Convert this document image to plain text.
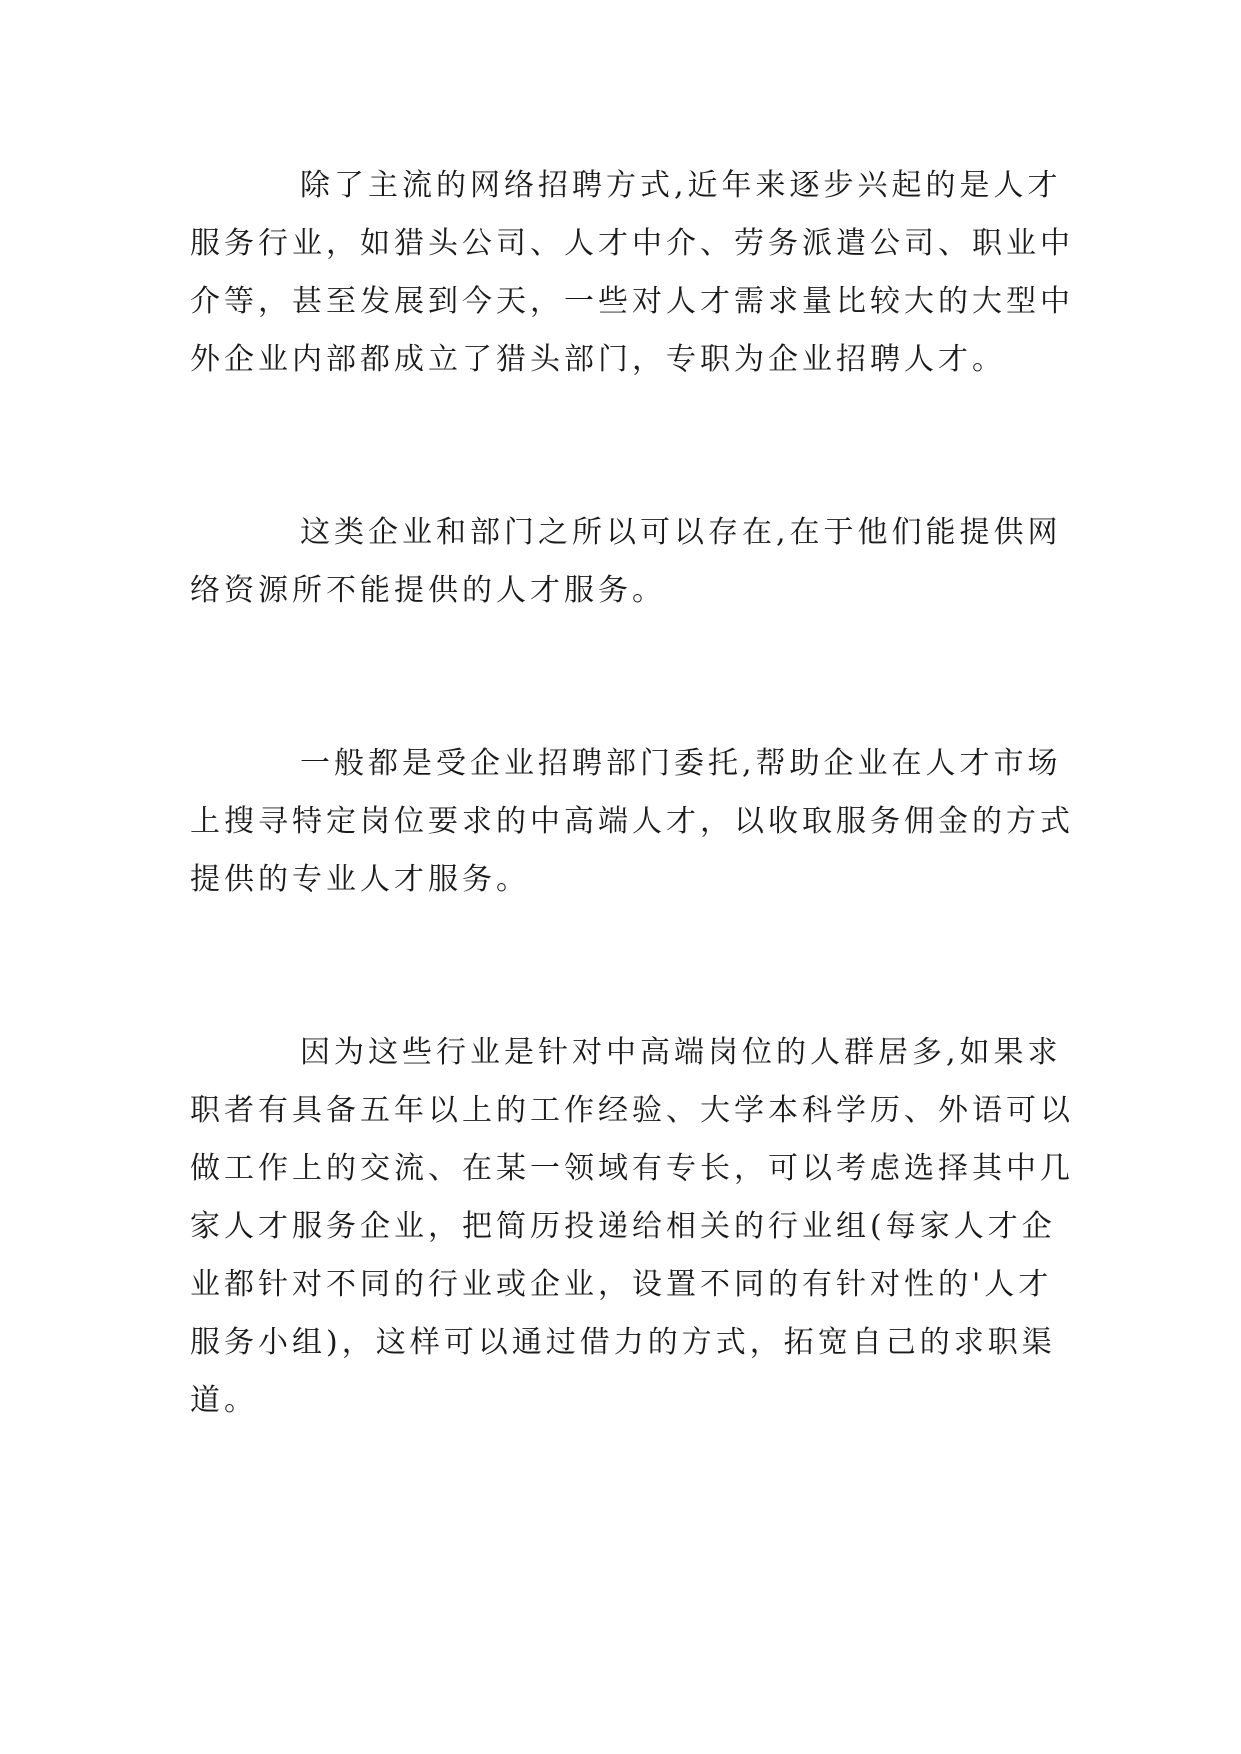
除了主流的网络招聘方式,近年来逐步兴起的是人才
服务行业，如猎头公司、人才中介、劳务派遣公司、职业中
介等，甚至发展到今天，一些对人才需求量比较大的大型中
外企业内部都成立了猎头部门，专职为企业招聘人才。
这类企业和部门之所以可以存在,在于他们能提供网
络资源所不能提供的人才服务。
一般都是受企业招聘部门委托,帮助企业在人才市场
上搜寻特定岗位要求的中高端人才，以收取服务佣金的方式
提供的专业人才服务。
因为这些行业是针对中高端岗位的人群居多,如果求
职者有具备五年以上的工作经验、大学本科学历、外语可以
做工作上的交流、在某一领域有专长，可以考虑选择其中几
家人才服务企业，把简历投递给相关的行业组(每家人才企
业都针对不同的行业或企业，设置不同的有针对性的'人才
服务小组)，这样可以通过借力的方式，拓宽自己的求职渠
道。
